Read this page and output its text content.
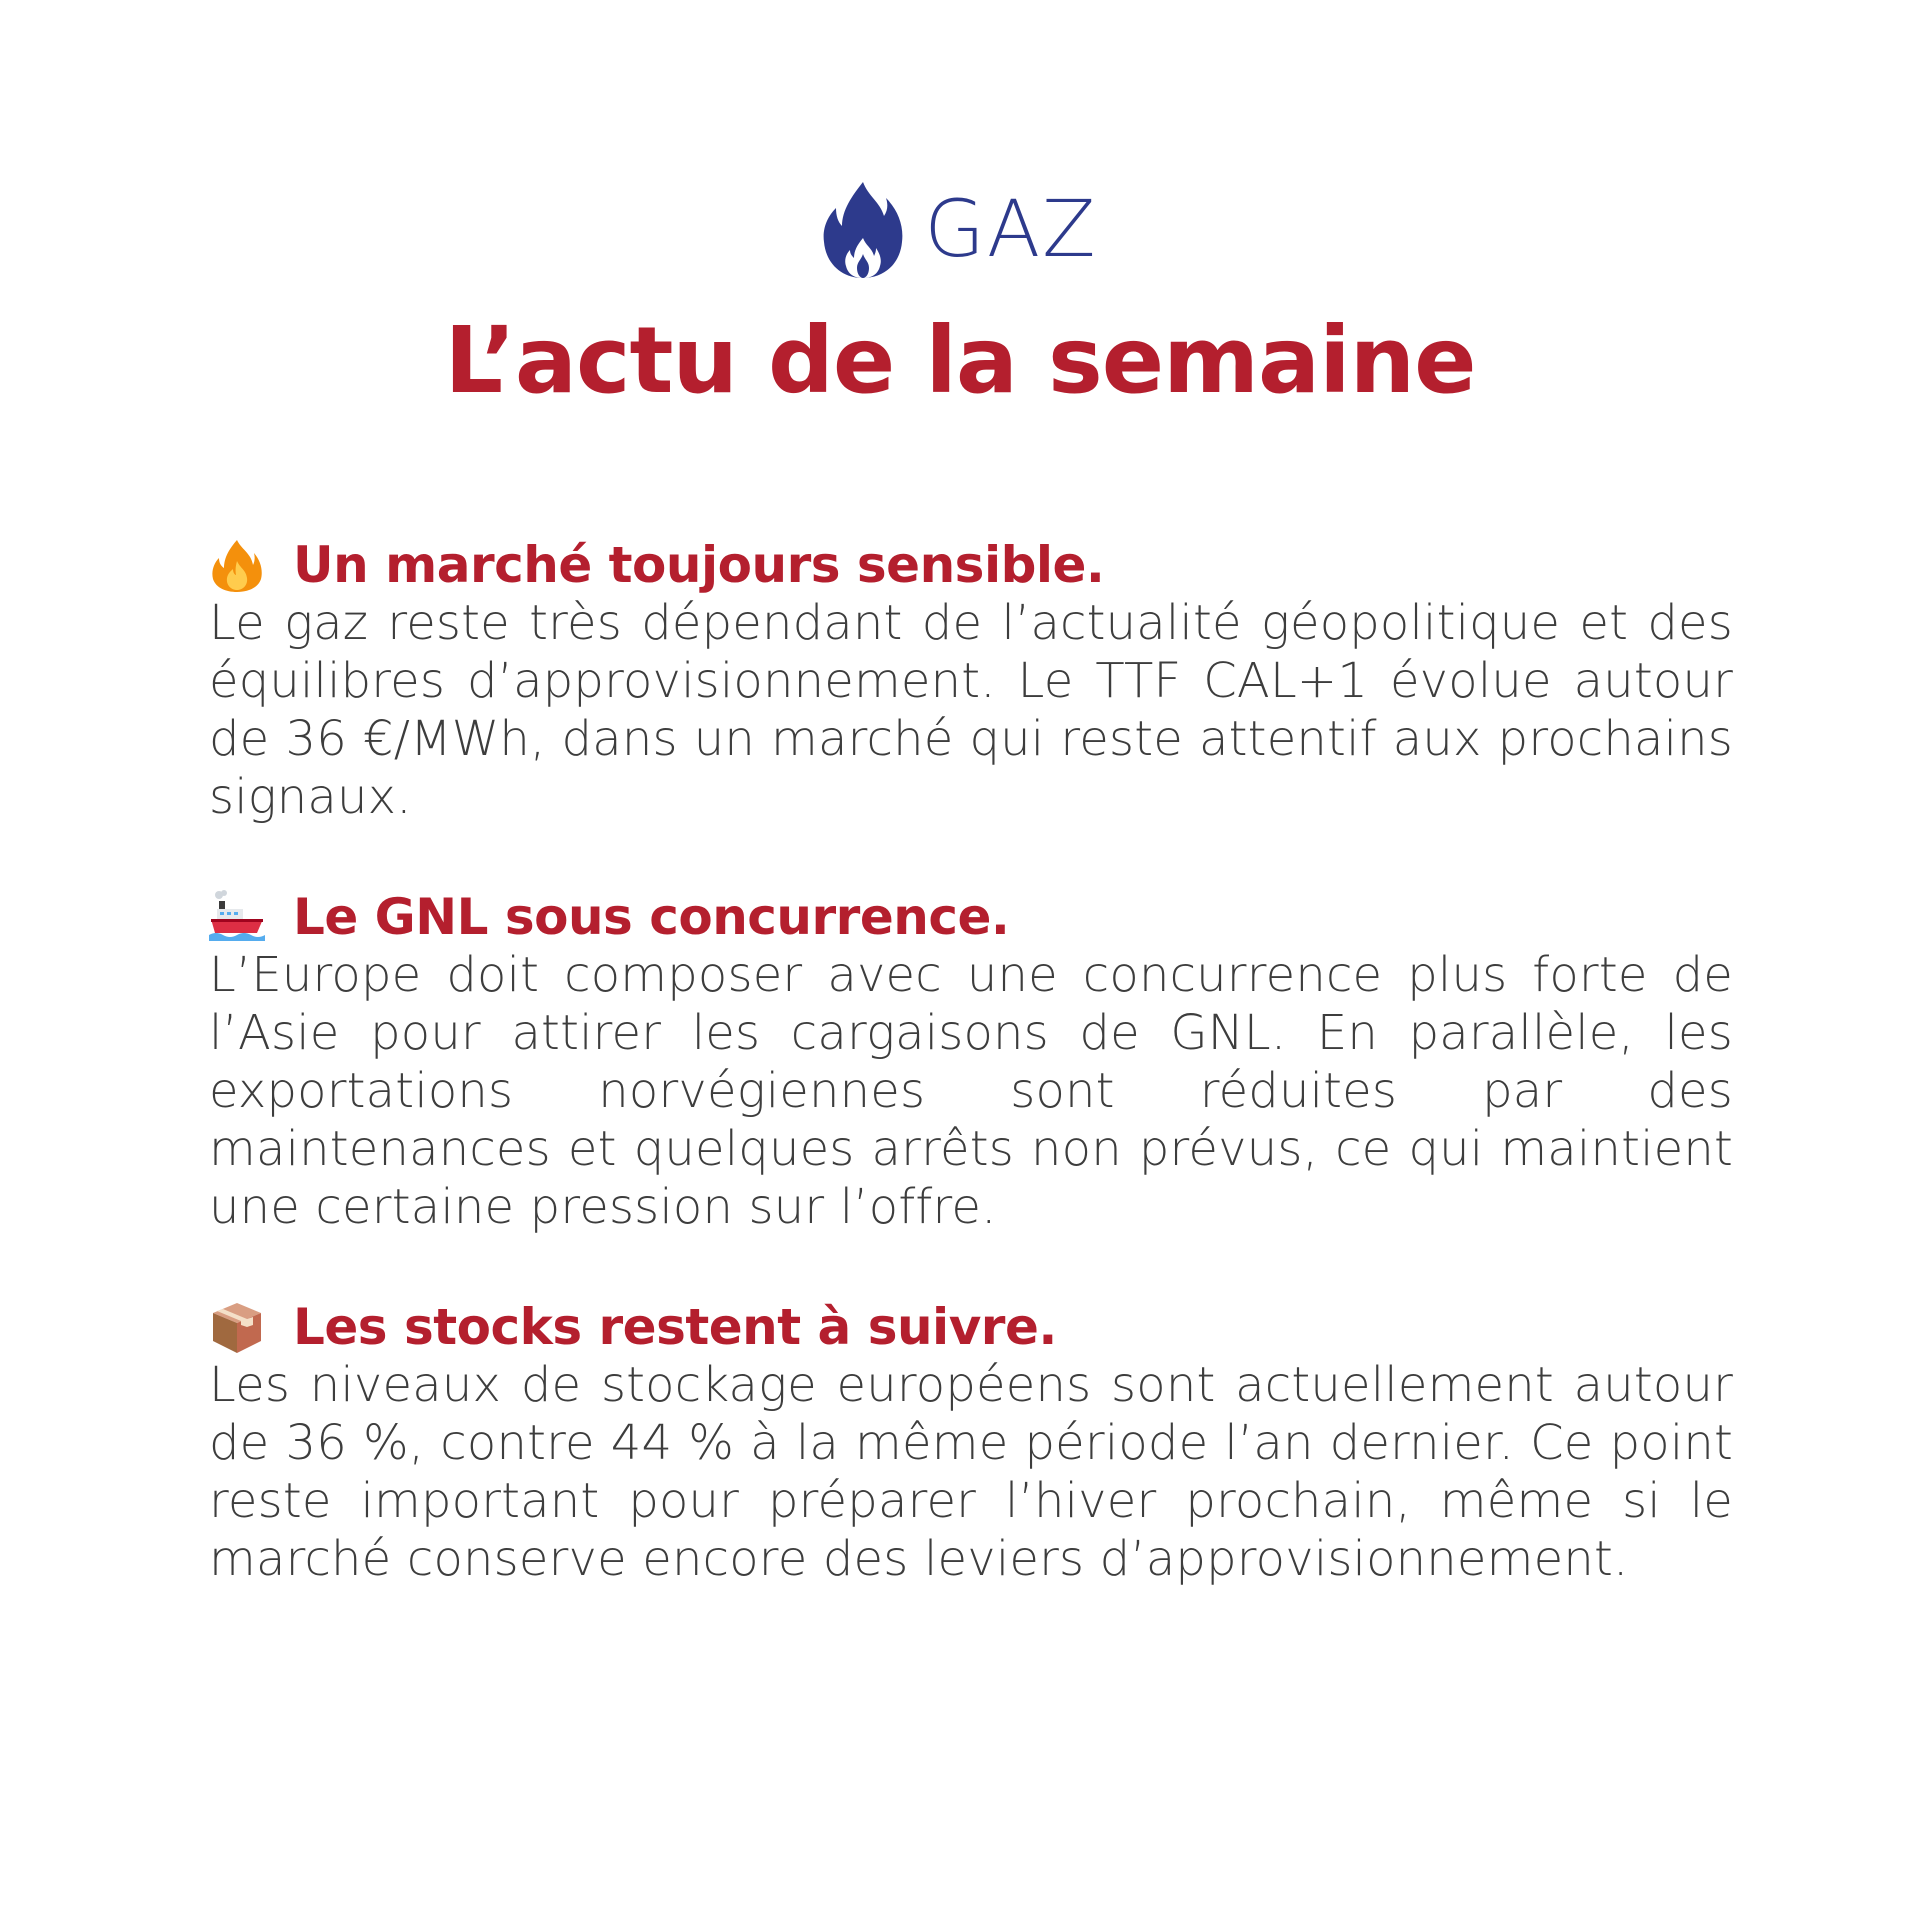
GAZ
L’actu de la semaine
Un marché toujours sensible.
Le gaz reste très dépendant de l’actualité géopolitique et des équilibres d’approvisionnement. Le TTF CAL+1 évolue autour de 36 €/MWh, dans un marché qui reste attentif aux prochains signaux.
Le GNL sous concurrence.
L’Europe doit composer avec une concurrence plus forte de l’Asie pour attirer les cargaisons de GNL. En parallèle, les exportations norvégiennes sont réduites par des maintenances et quelques arrêts non prévus, ce qui maintient une certaine pression sur l’offre.
Les stocks restent à suivre.
Les niveaux de stockage européens sont actuellement autour de 36 %, contre 44 % à la même période l’an dernier. Ce point reste important pour préparer l’hiver prochain, même si le marché conserve encore des leviers d’approvisionnement.
